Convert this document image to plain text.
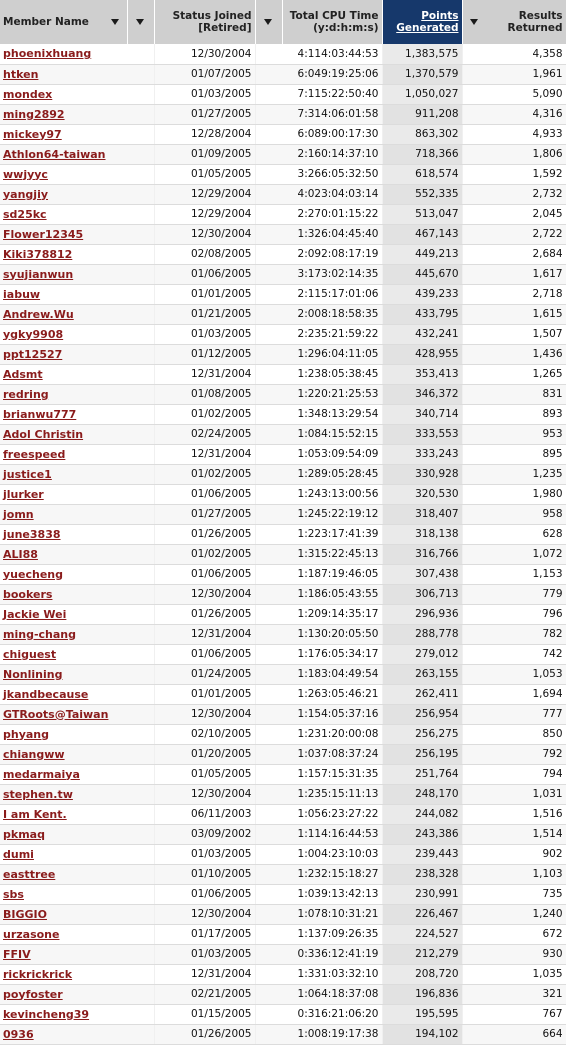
Member Name		Status Joined [Retired]		Total CPU Time (y:d:h:m:s)	Points Generated	Results Returned

phoenixhuang		12/30/2004	4:114:03:44:53		1,383,575	4,358
htken		01/07/2005	6:049:19:25:06		1,370,579	1,961
mondex		01/03/2005	7:115:22:50:40		1,050,027	5,090
ming2892		01/27/2005	7:314:06:01:58		911,208	4,316
mickey97		12/28/2004	6:089:00:17:30		863,302	4,933
Athlon64-taiwan		01/09/2005	2:160:14:37:10		718,366	1,806
wwjyyc		01/05/2005	3:266:05:32:50		618,574	1,592
yangjiy		12/29/2004	4:023:04:03:14		552,335	2,732
sd25kc		12/29/2004	2:270:01:15:22		513,047	2,045
Flower12345		12/30/2004	1:326:04:45:40		467,143	2,722
Kiki378812		02/08/2005	2:092:08:17:19		449,213	2,684
syujianwun		01/06/2005	3:173:02:14:35		445,670	1,617
iabuw		01/01/2005	2:115:17:01:06		439,233	2,718
Andrew.Wu		01/21/2005	2:008:18:58:35		433,795	1,615
ygky9908		01/03/2005	2:235:21:59:22		432,241	1,507
ppt12527		01/12/2005	1:296:04:11:05		428,955	1,436
Adsmt		12/31/2004	1:238:05:38:45		353,413	1,265
redring		01/08/2005	1:220:21:25:53		346,372	831
brianwu777		01/02/2005	1:348:13:29:54		340,714	893
Adol Christin		02/24/2005	1:084:15:52:15		333,553	953
freespeed		12/31/2004	1:053:09:54:09		333,243	895
justice1		01/02/2005	1:289:05:28:45		330,928	1,235
jlurker		01/06/2005	1:243:13:00:56		320,530	1,980
jomn		01/27/2005	1:245:22:19:12		318,407	958
june3838		01/26/2005	1:223:17:41:39		318,138	628
ALI88		01/02/2005	1:315:22:45:13		316,766	1,072
yuecheng		01/06/2005	1:187:19:46:05		307,438	1,153
bookers		12/30/2004	1:186:05:43:55		306,713	779
Jackie Wei		01/26/2005	1:209:14:35:17		296,936	796
ming-chang		12/31/2004	1:130:20:05:50		288,778	782
chiguest		01/06/2005	1:176:05:34:17		279,012	742
Nonlining		01/24/2005	1:183:04:49:54		263,155	1,053
jkandbecause		01/01/2005	1:263:05:46:21		262,411	1,694
GTRoots@Taiwan		12/30/2004	1:154:05:37:16		256,954	777
phyang		02/10/2005	1:231:20:00:08		256,275	850
chiangww		01/20/2005	1:037:08:37:24		256,195	792
medarmaiya		01/05/2005	1:157:15:31:35		251,764	794
stephen.tw		12/30/2004	1:235:15:11:13		248,170	1,031
I am Kent.		06/11/2003	1:056:23:27:22		244,082	1,516
pkmaq		03/09/2002	1:114:16:44:53		243,386	1,514
dumi		01/03/2005	1:004:23:10:03		239,443	902
easttree		01/10/2005	1:232:15:18:27		238,328	1,103
sbs		01/06/2005	1:039:13:42:13		230,991	735
BIGGIO		12/30/2004	1:078:10:31:21		226,467	1,240
urzasone		01/17/2005	1:137:09:26:35		224,527	672
FFIV		01/03/2005	0:336:12:41:19		212,279	930
rickrickrick		12/31/2004	1:331:03:32:10		208,720	1,035
poyfoster		02/21/2005	1:064:18:37:08		196,836	321
kevincheng39		01/15/2005	0:316:21:06:20		195,595	767
0936		01/26/2005	1:008:19:17:38		194,102	664
